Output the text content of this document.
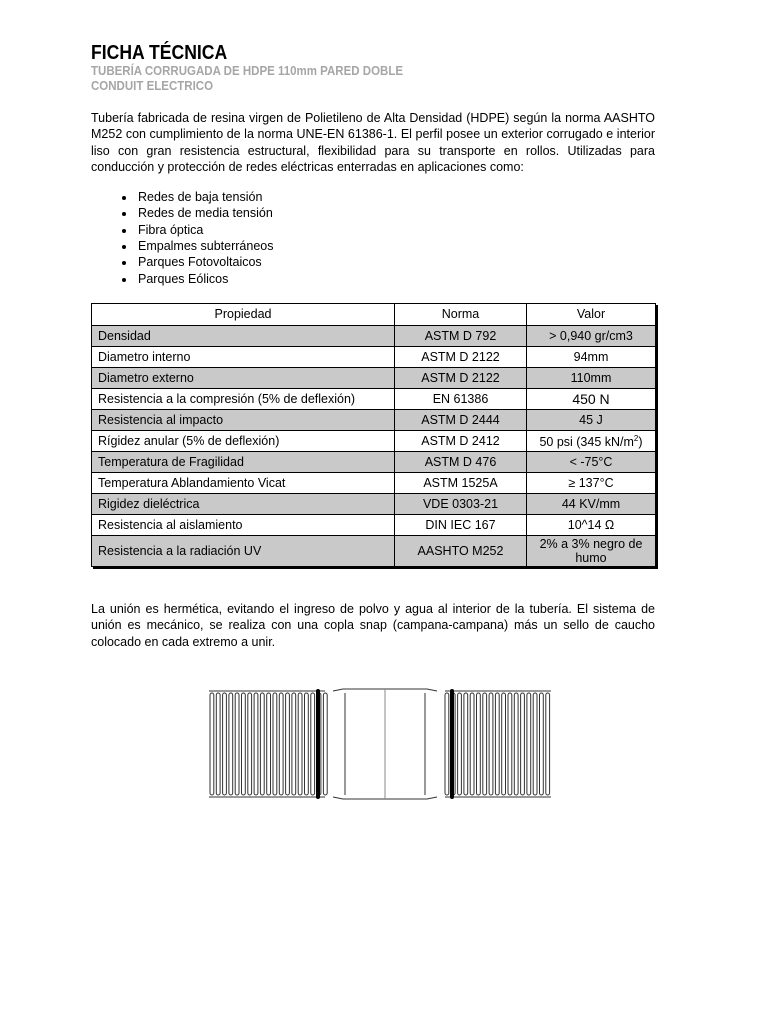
FICHA TÉCNICA

TUBERÍA CORRUGADA DE HDPE 110mm PARED DOBLE

CONDUIT ELECTRICO

Tubería fabricada de resina virgen de Polietileno de Alta Densidad (HDPE) según la norma AASHTO M252 con cumplimiento de la norma UNE-EN 61386-1. El perfil posee un exterior corrugado e interior liso con gran resistencia estructural, flexibilidad para su transporte en rollos. Utilizadas para conducción y protección de redes eléctricas enterradas en aplicaciones como:
• Redes de baja tensión
• Redes de media tensión
• Fibra óptica
• Empalmes subterráneos
• Parques Fotovoltaicos
• Parques Eólicos
Propiedad	Norma	Valor
Densidad	ASTM D 792	> 0,940 gr/cm3
Diametro interno	ASTM D 2122	94mm
Diametro externo	ASTM D 2122	110mm
Resistencia a la compresión (5% de deflexión)	EN 61386	450 N
Resistencia al impacto	ASTM D 2444	45 J
Rígidez anular (5% de deflexión)	ASTM D 2412	50 psi (345 $kN/m^2$)
Temperatura de Fragilidad	ASTM D 476	< -75°C
Temperatura Ablandamiento Vicat	ASTM 1525A	≥ 137°C
Rigidez dieléctrica	VDE 0303-21	44 KV/mm
Resistencia al aislamiento	DIN IEC 167	10^14 Ω
Resistencia a la radiación UV	AASHTO M252	2% a 3% negro de
humo
La unión es hermética, evitando el ingreso de polvo y agua al interior de la tubería. El sistema de unión es mecánico, se realiza con una copla snap (campana-campana) más un sello de caucho colocado en cada extremo a unir.
